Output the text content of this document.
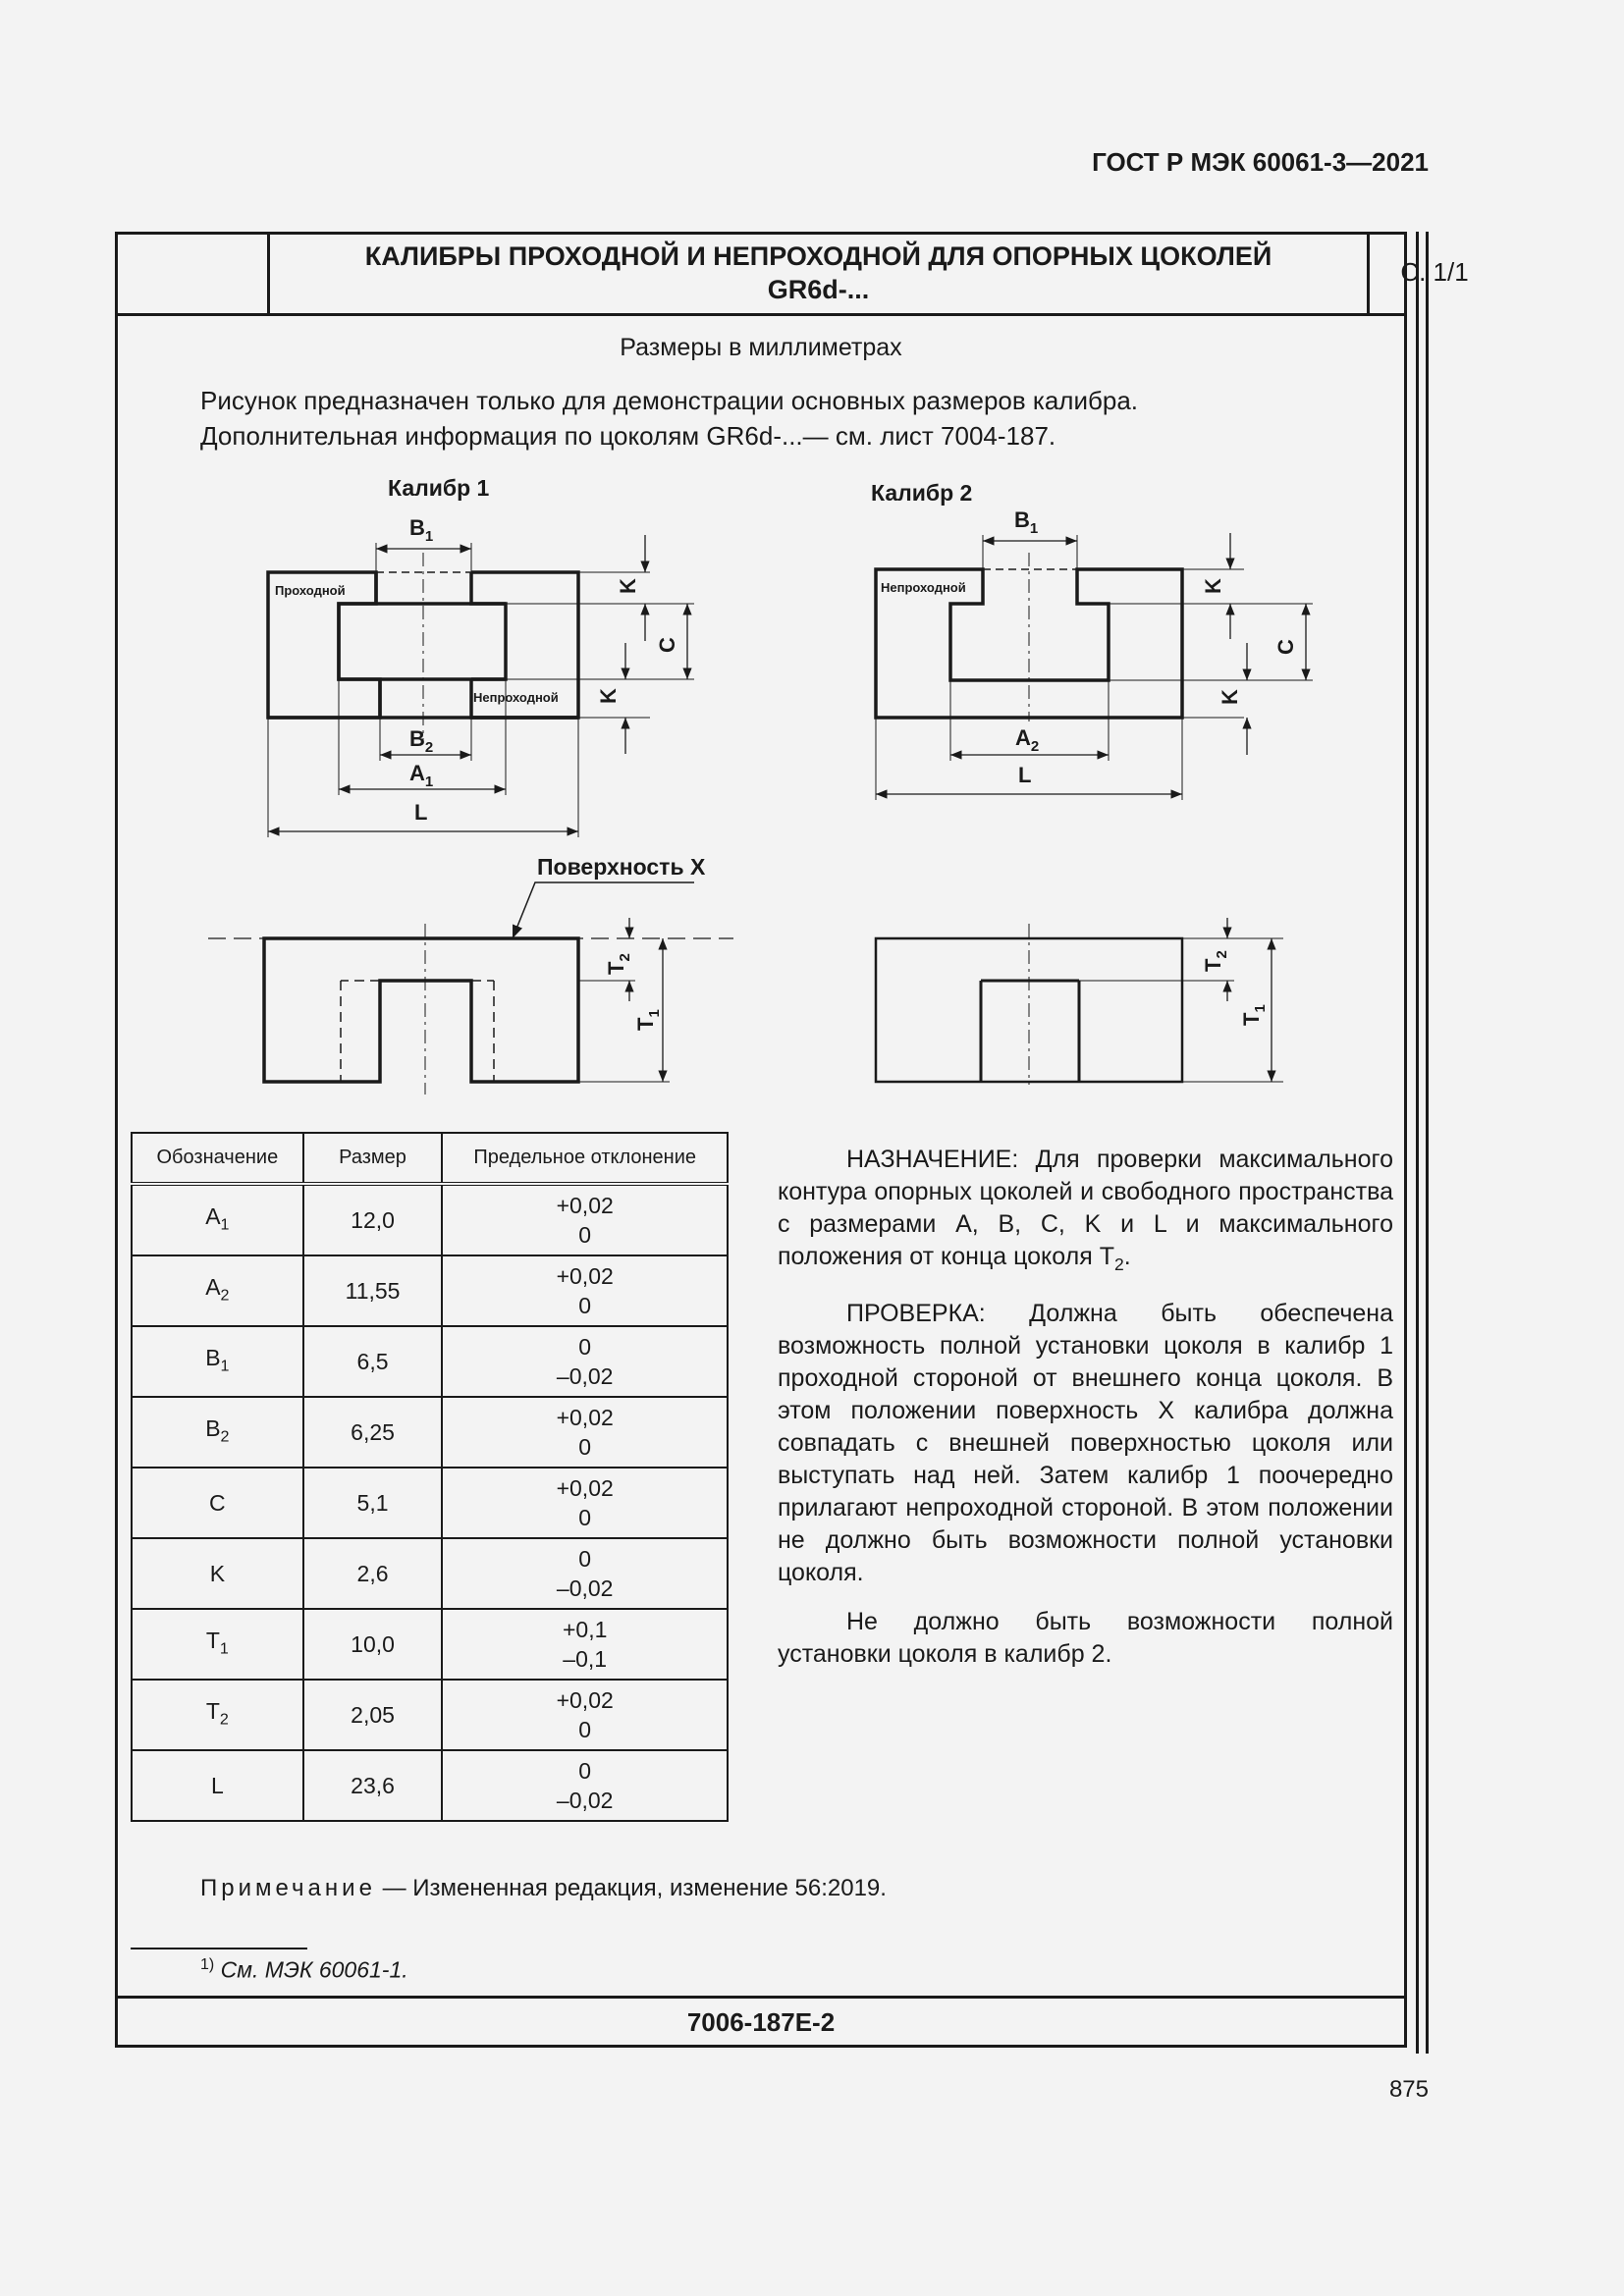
ГОСТ Р МЭК 60061-3—2021
КАЛИБРЫ ПРОХОДНОЙ И НЕПРОХОДНОЙ ДЛЯ ОПОРНЫХ ЦОКОЛЕЙ
GR6d-...
С. 1/1
Размеры в миллиметрах
Рисунок предназначен только для демонстрации основных размеров калибра.
Дополнительная информация по цоколям GR6d-...— см. лист 7004-187.
Калибр 1
Проходной
Непроходной
$B_1$
$B_2$
$A_1$
L
K
C
K
Калибр 2
Непроходной
$B_1$
$A_2$
L
K
C
K
Поверхность X
$T_2$
$T_1$
$T_2$
$T_1$
Обозначение	Размер	Предельное отклонение
$A_1$	12,0	+0,02
0

$A_2$	11,55	+0,02
0

$B_1$	6,5	0
–0,02

$B_2$	6,25	+0,02
0

C	5,1	+0,02
0

K	2,6	0
–0,02

$T_1$	10,0	+0,1
–0,1

$T_2$	2,05	+0,02
0

L	23,6	0
–0,02

НАЗНАЧЕНИЕ: Для проверки максимального контура опорных цоколей и свободного пространства с размерами A, B, C, K и L и максимального положения от конца цоколя $T_2$.

ПРОВЕРКА: Должна быть обеспечена возможность полной установки цоколя в калибр 1 проходной стороной от внешнего конца цоколя. В этом положении поверхность X калибра должна совпадать с внешней поверхностью цоколя или выступать над ней. Затем калибр 1 поочередно прилагают непроходной стороной. В этом положении не должно быть возможности полной установки цоколя.

Не должно быть возможности полной установки цоколя в калибр 2.

Примечание — Измененная редакция, изменение 56:2019.
$^{1)}$ См. МЭК 60061-1.
7006-187Е-2
875
